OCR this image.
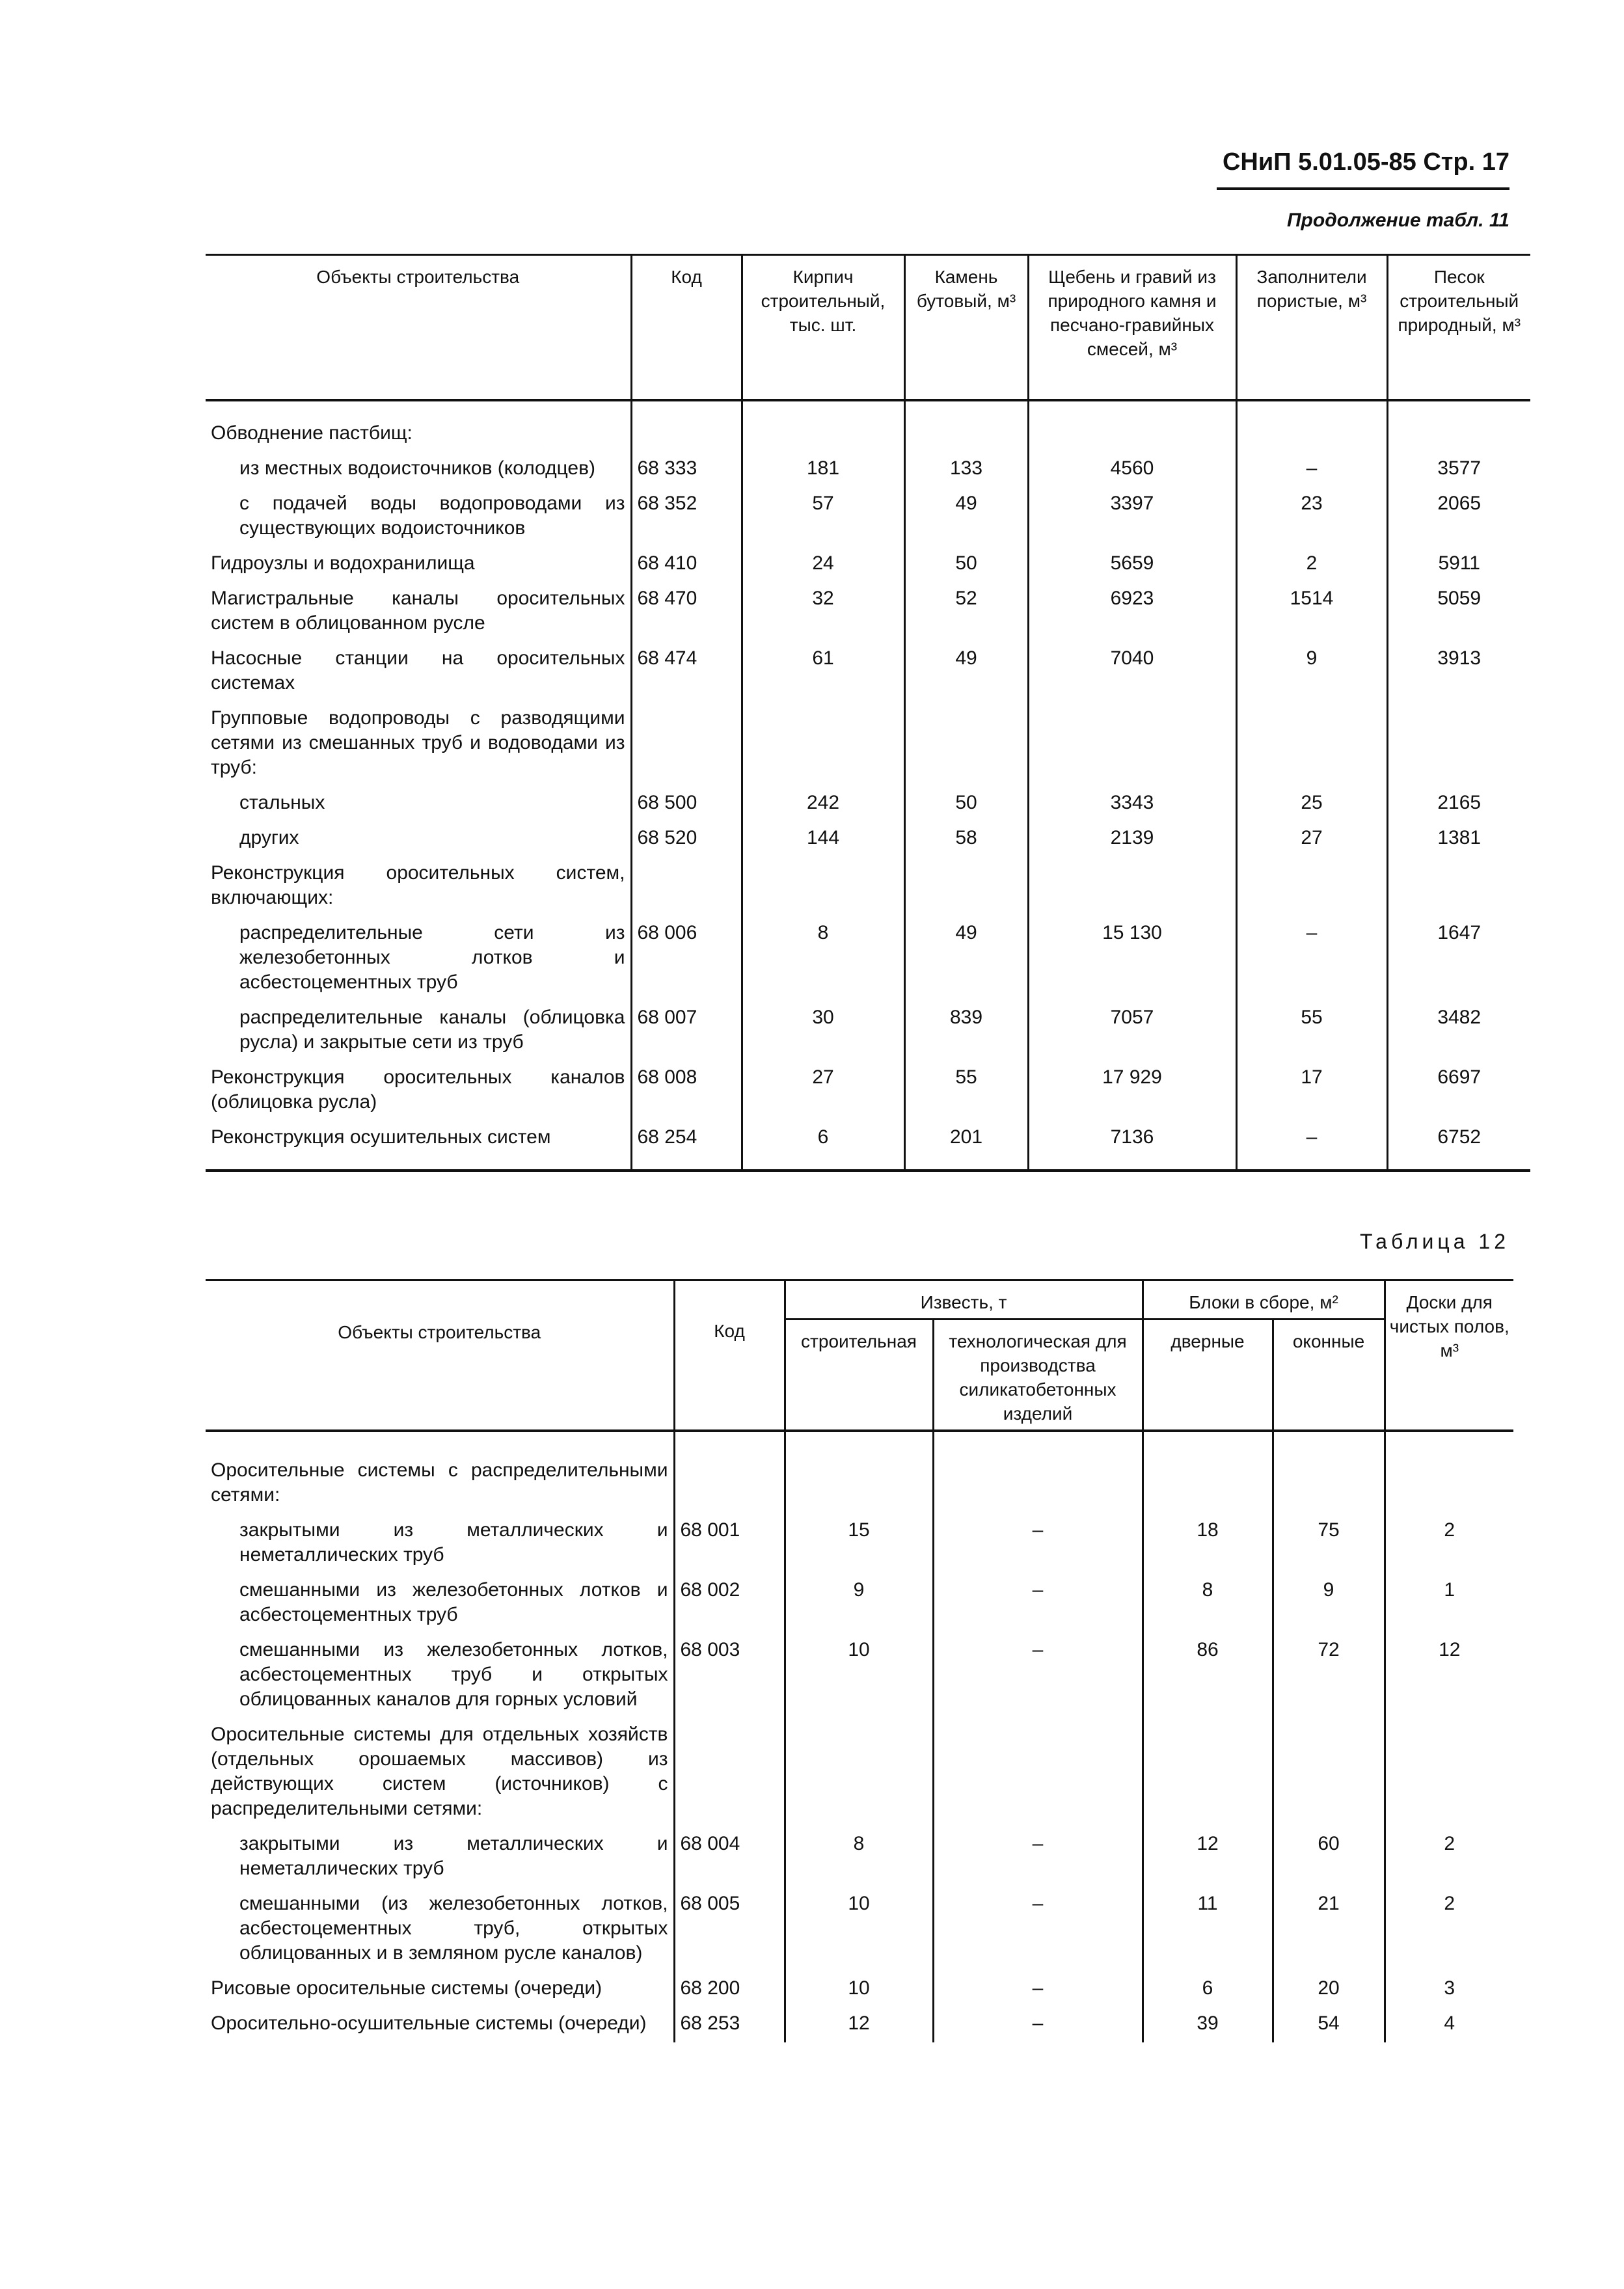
СНиП 5.01.05-85 Стр. 17
Продолжение табл. 11
Объекты строительства	Код	Кирпич строительный, тыс. шт.	Камень бутовый, м³	Щебень и гравий из природного камня и песчано-гравийных смесей, м³	Заполнители пористые, м³	Песок строительный природный, м³
Обводнение пастбищ:						
из местных водоисточников (колодцев)	68 333	181	133	4560	–	3577
с подачей воды водопроводами из существующих водоисточников	68 352	57	49	3397	23	2065
Гидроузлы и водохранилища	68 410	24	50	5659	2	5911
Магистральные каналы оросительных систем в облицованном русле	68 470	32	52	6923	1514	5059
Насосные станции на оросительных системах	68 474	61	49	7040	9	3913
Групповые водопроводы с разводящими сетями из смешанных труб и водоводами из труб:						
стальных	68 500	242	50	3343	25	2165
других	68 520	144	58	2139	27	1381
Реконструкция оросительных систем, включающих:						
распределительные сети из железобетонных лотков и асбестоцементных труб	68 006	8	49	15 130	–	1647
распределительные каналы (облицовка русла) и закрытые сети из труб	68 007	30	839	7057	55	3482
Реконструкция оросительных каналов (облицовка русла)	68 008	27	55	17 929	17	6697
Реконструкция осушительных систем	68 254	6	201	7136	–	6752
Таблица 12
Объекты строительства	Код	Известь, т		Блоки в сборе, м²		Доски для чистых полов, м³
		строительная	технологическая для производства силикатобетонных изделий	дверные	оконные	
Оросительные системы с распределительными сетями:						
закрытыми из металлических и неметаллических труб	68 001	15	–	18	75	2
смешанными из железобетонных лотков и асбестоцементных труб	68 002	9	–	8	9	1
смешанными из железобетонных лотков, асбестоцементных труб и открытых облицованных каналов для горных условий	68 003	10	–	86	72	12
Оросительные системы для отдельных хозяйств (отдельных орошаемых массивов) из действующих систем (источников) с распределительными сетями:						
закрытыми из металлических и неметаллических труб	68 004	8	–	12	60	2
смешанными (из железобетонных лотков, асбестоцементных труб, открытых облицованных и в земляном русле каналов)	68 005	10	–	11	21	2
Рисовые оросительные системы (очереди)	68 200	10	–	6	20	3
Оросительно-осушительные системы (очереди)	68 253	12	–	39	54	4
